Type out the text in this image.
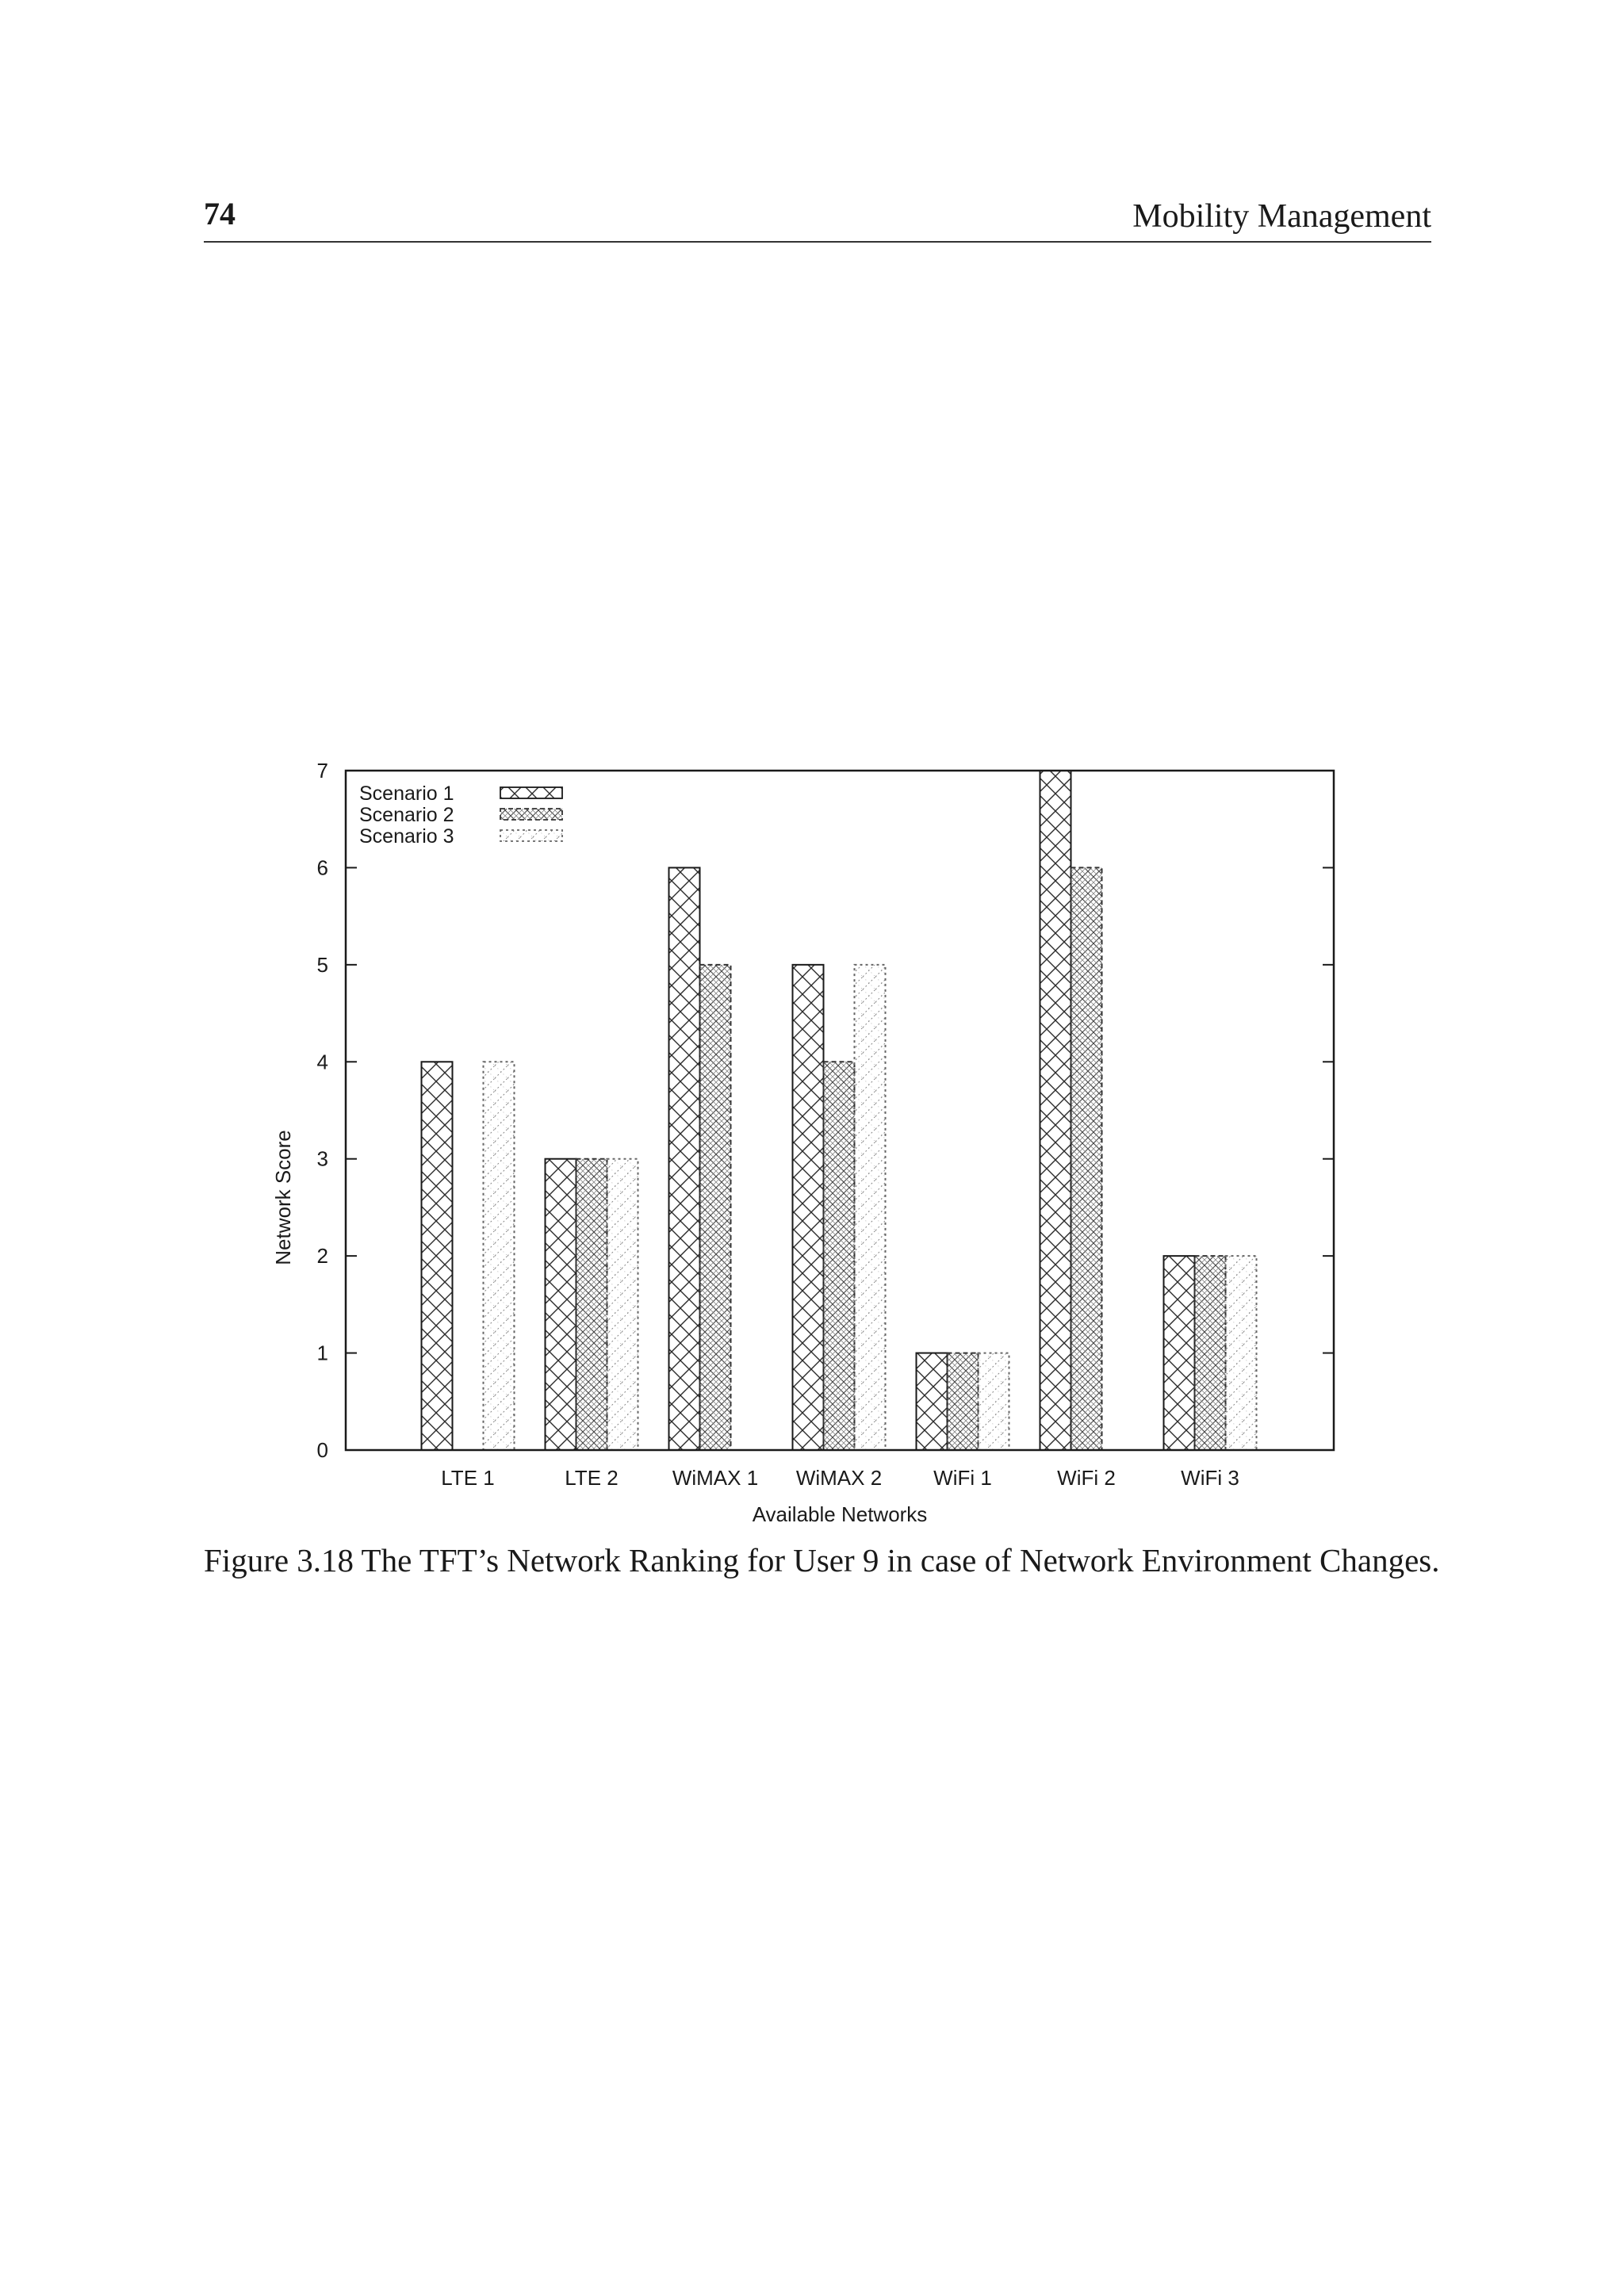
74	Mobility Management
LTE 1	LTE 2	WiMAX 1 WiMAX 2 WiFi 1	WiFi 2	WiFi 3
0
1
2
3
4
5
6
7
Available Networks
Network Score
Scenario 1
Scenario 2
Scenario 3
Figure 3.18 The TFT’s Network Ranking for User 9 in case of Network Environment Changes.
